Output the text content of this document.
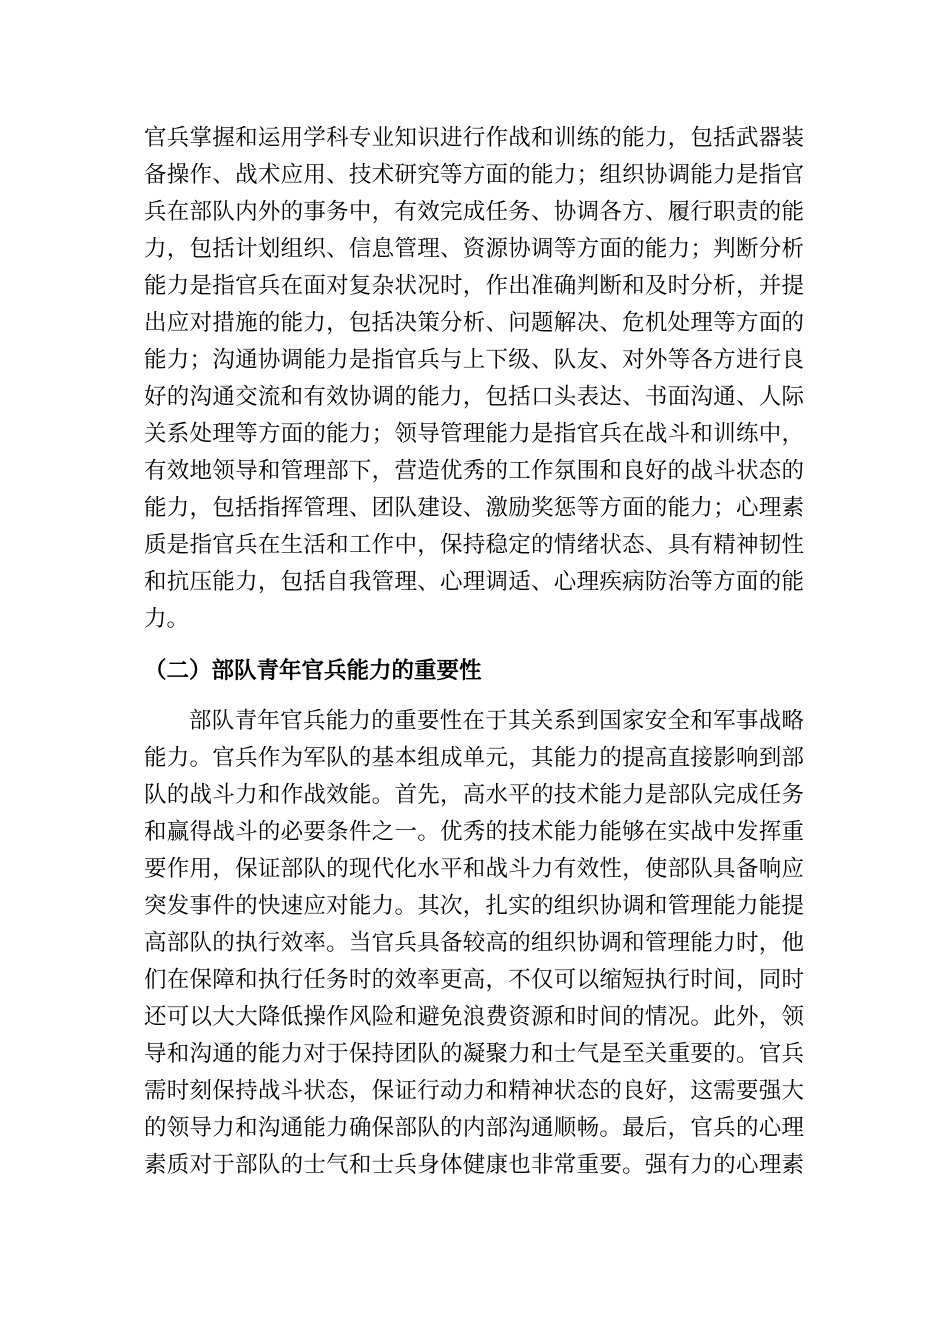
官兵掌握和运用学科专业知识进行作战和训练的能力，包括武器装
备操作、战术应用、技术研究等方面的能力；组织协调能力是指官
兵在部队内外的事务中，有效完成任务、协调各方、履行职责的能
力，包括计划组织、信息管理、资源协调等方面的能力；判断分析
能力是指官兵在面对复杂状况时，作出准确判断和及时分析，并提
出应对措施的能力，包括决策分析、问题解决、危机处理等方面的
能力；沟通协调能力是指官兵与上下级、队友、对外等各方进行良
好的沟通交流和有效协调的能力，包括口头表达、书面沟通、人际
关系处理等方面的能力；领导管理能力是指官兵在战斗和训练中，
有效地领导和管理部下，营造优秀的工作氛围和良好的战斗状态的
能力，包括指挥管理、团队建设、激励奖惩等方面的能力；心理素
质是指官兵在生活和工作中，保持稳定的情绪状态、具有精神韧性
和抗压能力，包括自我管理、心理调适、心理疾病防治等方面的能
力。
（二）部队青年官兵能力的重要性
部队青年官兵能力的重要性在于其关系到国家安全和军事战略
能力。官兵作为军队的基本组成单元，其能力的提高直接影响到部
队的战斗力和作战效能。首先，高水平的技术能力是部队完成任务
和赢得战斗的必要条件之一。优秀的技术能力能够在实战中发挥重
要作用，保证部队的现代化水平和战斗力有效性，使部队具备响应
突发事件的快速应对能力。其次，扎实的组织协调和管理能力能提
高部队的执行效率。当官兵具备较高的组织协调和管理能力时，他
们在保障和执行任务时的效率更高，不仅可以缩短执行时间，同时
还可以大大降低操作风险和避免浪费资源和时间的情况。此外，领
导和沟通的能力对于保持团队的凝聚力和士气是至关重要的。官兵
需时刻保持战斗状态，保证行动力和精神状态的良好，这需要强大
的领导力和沟通能力确保部队的内部沟通顺畅。最后，官兵的心理
素质对于部队的士气和士兵身体健康也非常重要。强有力的心理素
